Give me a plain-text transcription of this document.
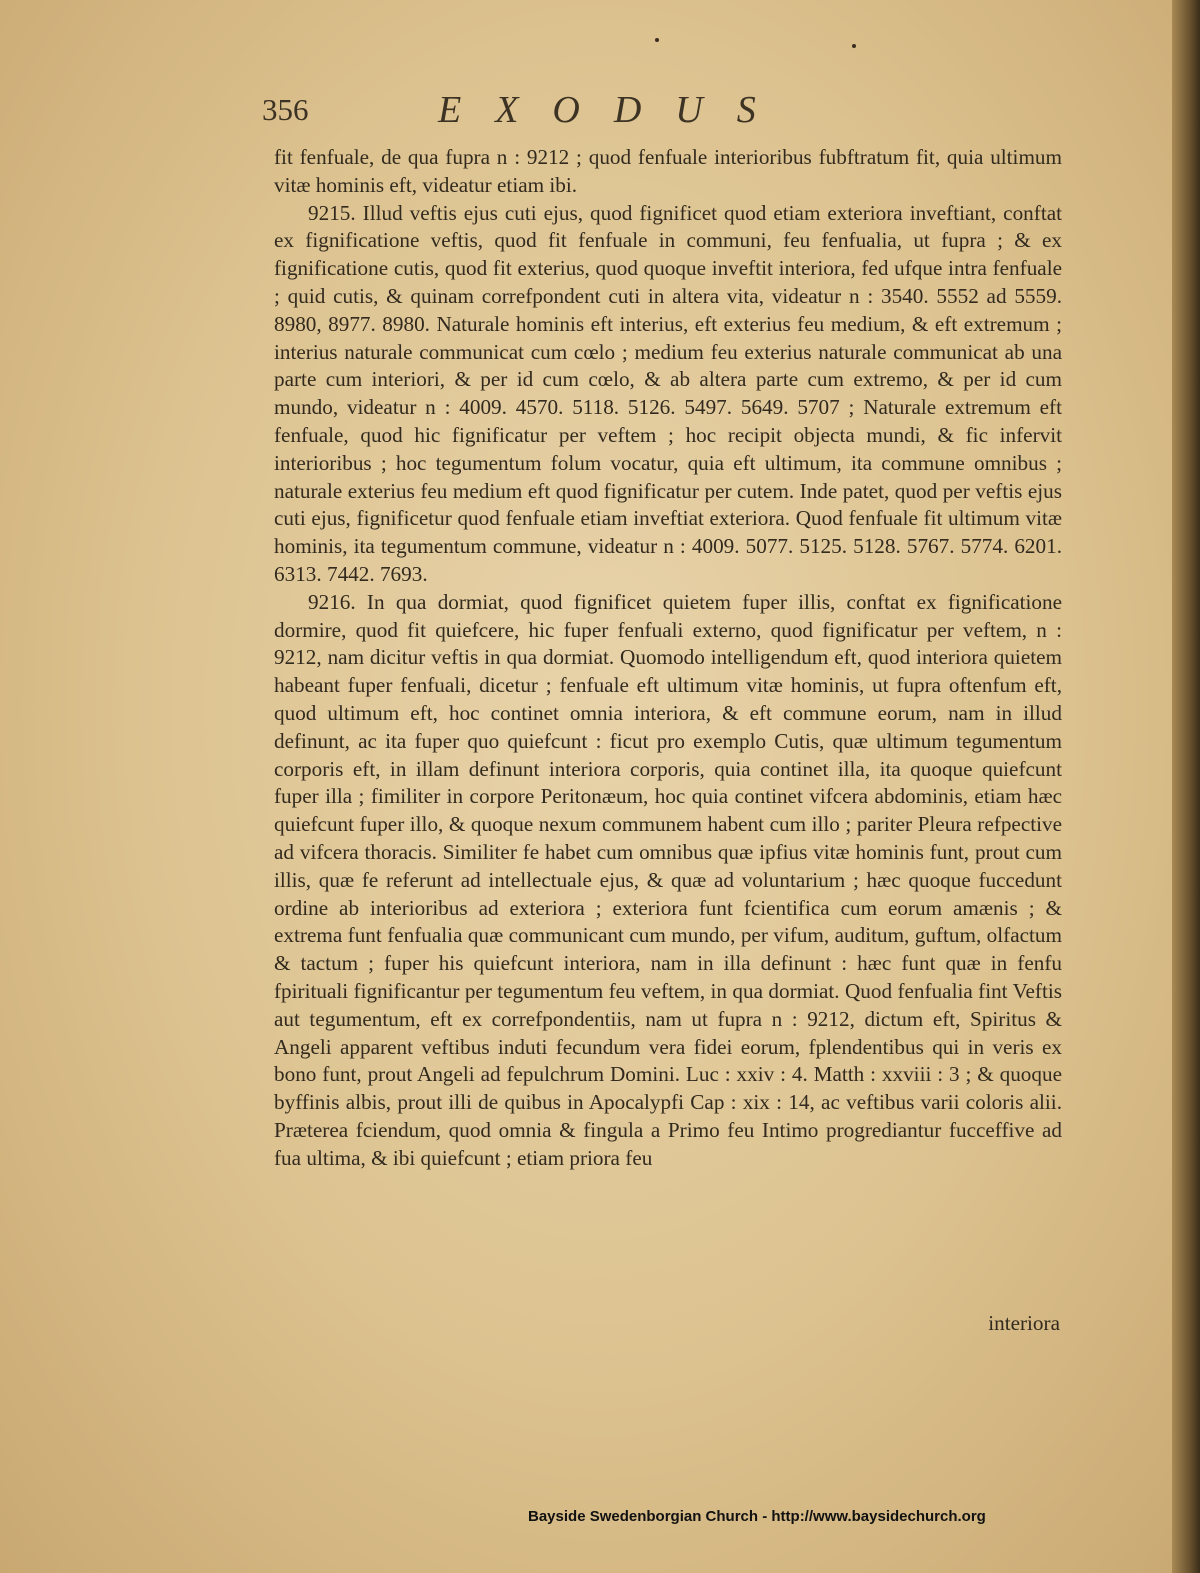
356	EXODUS

fit fenfuale, de qua fupra n : 9212 ; quod fenfuale interioribus fubftratum fit, quia ultimum vitæ hominis eft, videatur etiam ibi.

9215. Illud veftis ejus cuti ejus, quod fignificet quod etiam exteriora inveftiant, conftat ex fignificatione veftis, quod fit fenfuale in communi, feu fenfualia, ut fupra ; & ex fignificatione cutis, quod fit exterius, quod quoque inveftit interiora, fed ufque intra fenfuale ; quid cutis, & quinam correfpondent cuti in altera vita, videatur n : 3540. 5552 ad 5559. 8980, 8977. 8980. Naturale hominis eft interius, eft exterius feu medium, & eft extremum ; interius naturale communicat cum cœlo ; medium feu exterius naturale communicat ab una parte cum interiori, & per id cum cœlo, & ab altera parte cum extremo, & per id cum mundo, videatur n : 4009. 4570. 5118. 5126. 5497. 5649. 5707 ; Naturale extremum eft fenfuale, quod hic fignificatur per veftem ; hoc recipit objecta mundi, & fic infervit interioribus ; hoc tegumentum folum vocatur, quia eft ultimum, ita commune omnibus ; naturale exterius feu medium eft quod fignificatur per cutem. Inde patet, quod per veftis ejus cuti ejus, fignificetur quod fenfuale etiam inveftiat exteriora. Quod fenfuale fit ultimum vitæ hominis, ita tegumentum commune, videatur n : 4009. 5077. 5125. 5128. 5767. 5774. 6201. 6313. 7442. 7693.

9216. In qua dormiat, quod fignificet quietem fuper illis, conftat ex fignificatione dormire, quod fit quiefcere, hic fuper fenfuali externo, quod fignificatur per veftem, n : 9212, nam dicitur veftis in qua dormiat. Quomodo intelligendum eft, quod interiora quietem habeant fuper fenfuali, dicetur ; fenfuale eft ultimum vitæ hominis, ut fupra oftenfum eft, quod ultimum eft, hoc continet omnia interiora, & eft commune eorum, nam in illud definunt, ac ita fuper quo quiefcunt : ficut pro exemplo Cutis, quæ ultimum tegumentum corporis eft, in illam definunt interiora corporis, quia continet illa, ita quoque quiefcunt fuper illa ; fimiliter in corpore Peritonæum, hoc quia continet vifcera abdominis, etiam hæc quiefcunt fuper illo, & quoque nexum communem habent cum illo ; pariter Pleura refpective ad vifcera thoracis. Similiter fe habet cum omnibus quæ ipfius vitæ hominis funt, prout cum illis, quæ fe referunt ad intellectuale ejus, & quæ ad voluntarium ; hæc quoque fuccedunt ordine ab interioribus ad exteriora ; exteriora funt fcientifica cum eorum amænis ; & extrema funt fenfualia quæ communicant cum mundo, per vifum, auditum, guftum, olfactum & tactum ; fuper his quiefcunt interiora, nam in illa definunt : hæc funt quæ in fenfu fpirituali fignificantur per tegumentum feu veftem, in qua dormiat. Quod fenfualia fint Veftis aut tegumentum, eft ex correfpondentiis, nam ut fupra n : 9212, dictum eft, Spiritus & Angeli apparent veftibus induti fecundum vera fidei eorum, fplendentibus qui in veris ex bono funt, prout Angeli ad fepulchrum Domini. Luc : xxiv : 4. Matth : xxviii : 3 ; & quoque byffinis albis, prout illi de quibus in Apocalypfi Cap : xix : 14, ac veftibus varii coloris alii. Præterea fciendum, quod omnia & fingula a Primo feu Intimo progrediantur fucceffive ad fua ultima, & ibi quiefcunt ; etiam priora feu

interiora
Bayside Swedenborgian Church - http://www.baysidechurch.org
